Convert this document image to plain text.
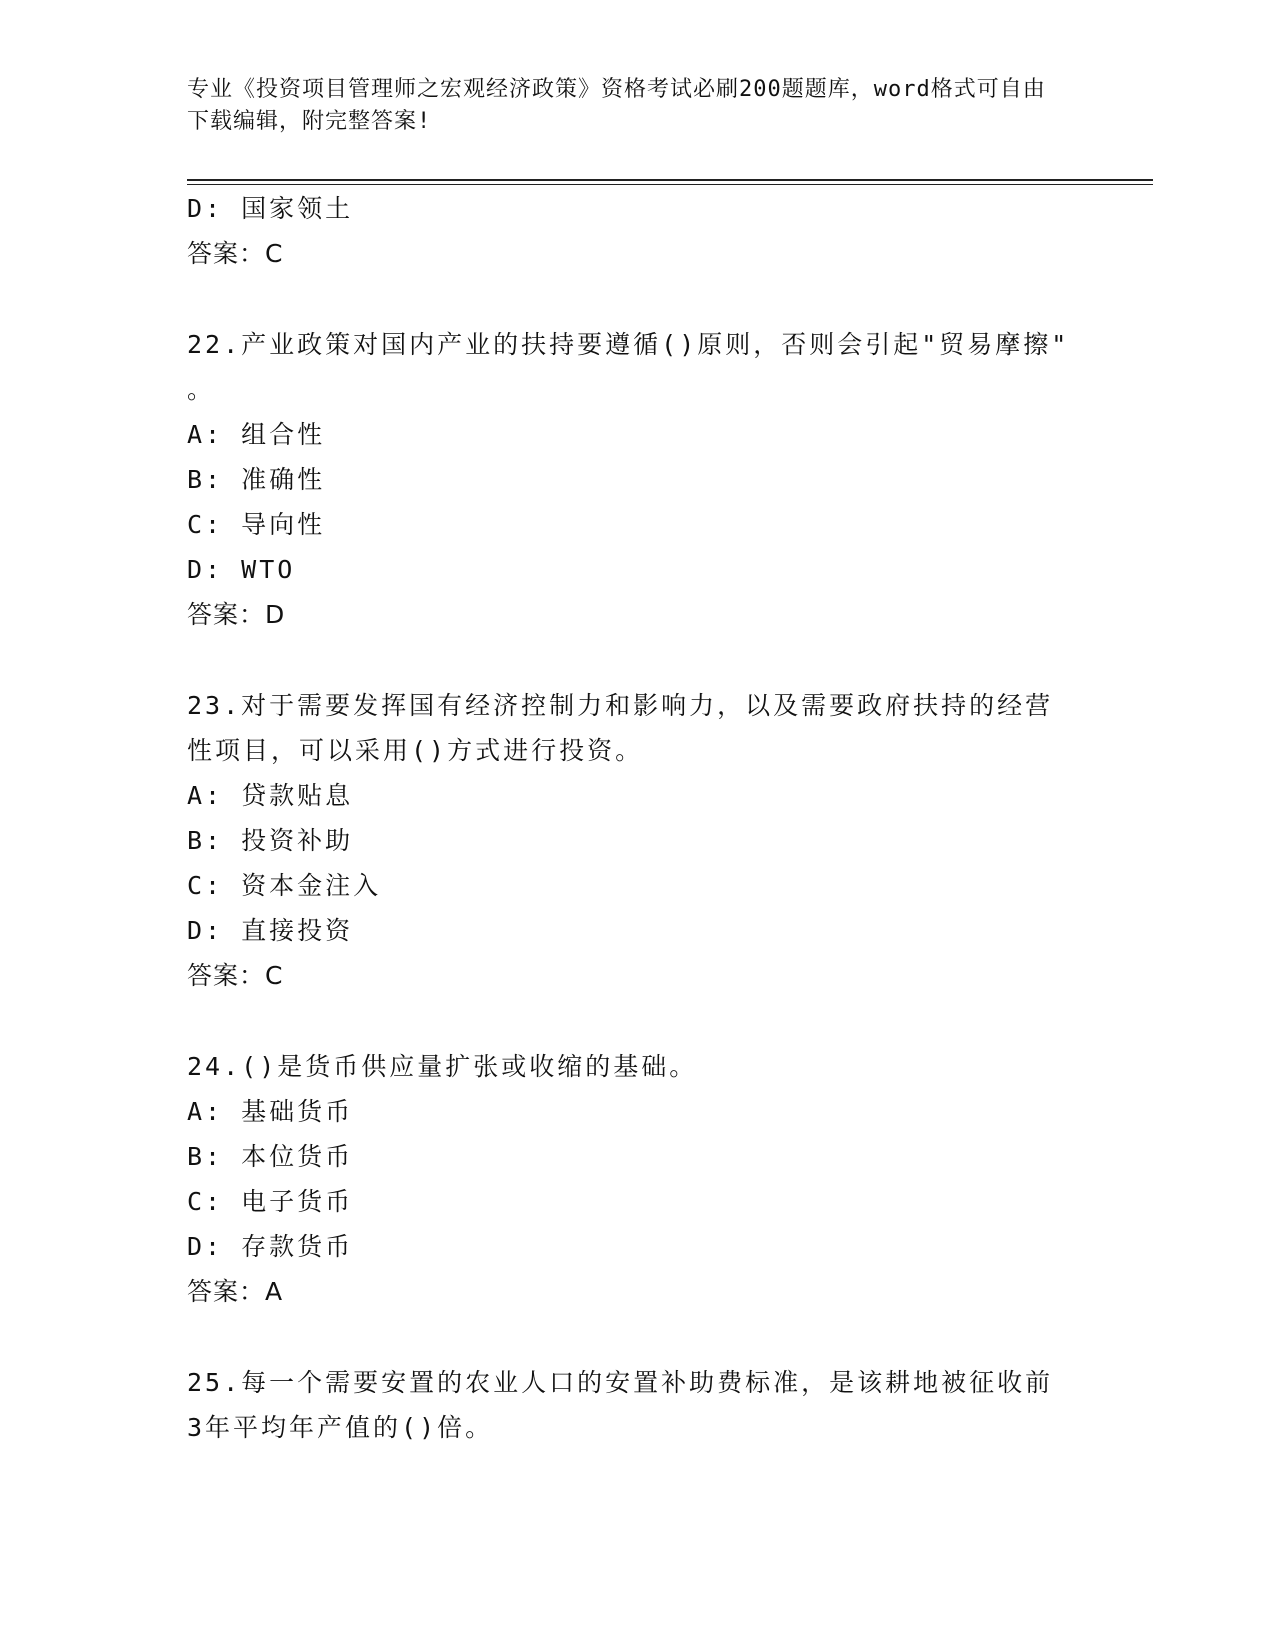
专业《投资项目管理师之宏观经济政策》资格考试必刷200题题库，word格式可自由下载编辑，附完整答案!
D: 国家领土
答案：C
22.产业政策对国内产业的扶持要遵循()原则，否则会引起"贸易摩擦"
。
A: 组合性
B: 准确性
C: 导向性
D: WTO
答案：D
23.对于需要发挥国有经济控制力和影响力，以及需要政府扶持的经营
性项目，可以采用()方式进行投资。
A: 贷款贴息
B: 投资补助
C: 资本金注入
D: 直接投资
答案：C
24.()是货币供应量扩张或收缩的基础。
A: 基础货币
B: 本位货币
C: 电子货币
D: 存款货币
答案：A
25.每一个需要安置的农业人口的安置补助费标准，是该耕地被征收前
3年平均年产值的()倍。
